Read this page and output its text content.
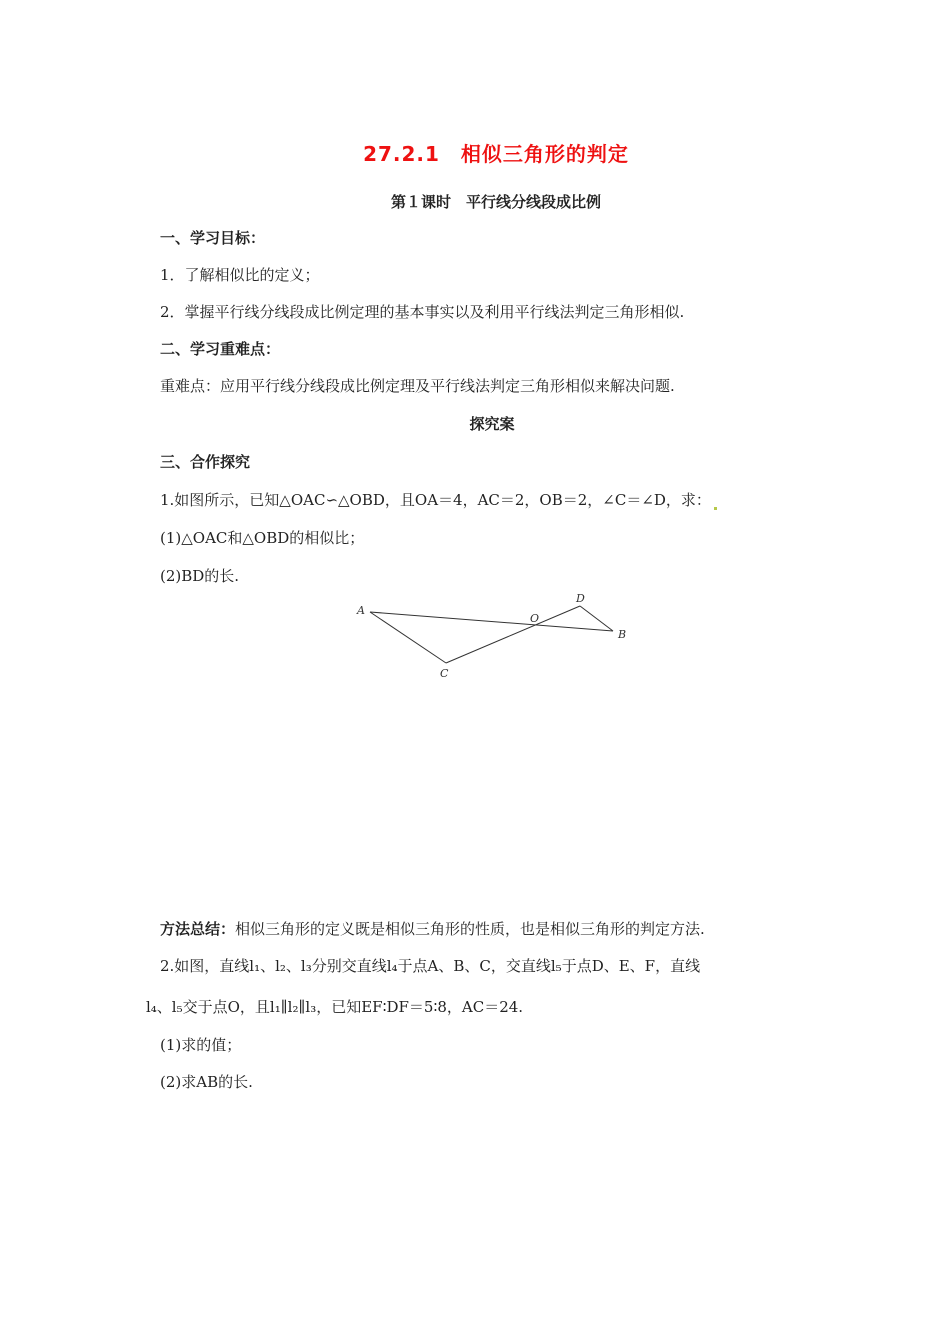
27.2.1　相似三角形的判定
第１课时　平行线分线段成比例
一、学习目标：
1．了解相似比的定义；
2．掌握平行线分线段成比例定理的基本事实以及利用平行线法判定三角形相似.
二、学习重难点：
重难点：应用平行线分线段成比例定理及平行线法判定三角形相似来解决问题.
探究案
三、合作探究
1.如图所示，已知△OAC∽△OBD，且OA＝4，AC＝2，OB＝2，∠C＝∠D，求：
(1)△OAC和△OBD的相似比；
(2)BD的长.
A
D
O
B
C
方法总结：相似三角形的定义既是相似三角形的性质，也是相似三角形的判定方法.
2.如图，直线l₁、l₂、l₃分别交直线l₄于点A、B、C，交直线l₅于点D、E、F，直线
l₄、l₅交于点O，且l₁∥l₂∥l₃，已知EF∶DF＝5∶8，AC＝24.
(1)求的值；
(2)求AB的长.
